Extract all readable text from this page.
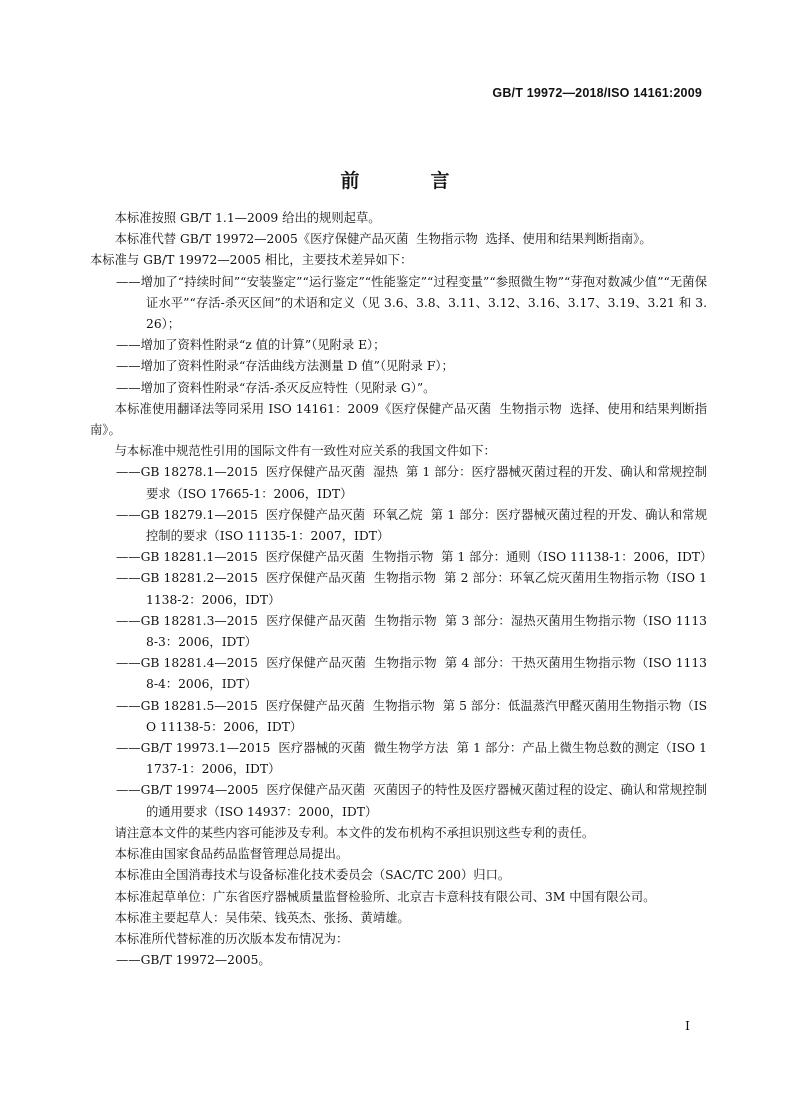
GB/T 19972—2018/ISO 14161:2009
前        言

本标准按照 GB/T 1.1—2009 给出的规则起草。

本标准代替 GB/T 19972—2005《医疗保健产品灭菌  生物指示物  选择、使用和结果判断指南》。

本标准与 GB/T 19972—2005 相比，主要技术差异如下：

——增加了“持续时间”“安装鉴定”“运行鉴定”“性能鉴定”“过程变量”“参照微生物”“芽孢对数减少值”“无菌保证水平”“存活-杀灭区间”的术语和定义（见 3.6、3.8、3.11、3.12、3.16、3.17、3.19、3.21 和 3.26）；

——增加了资料性附录“z 值的计算”（见附录 E）；

——增加了资料性附录“存活曲线方法测量 D 值”（见附录 F）；

——增加了资料性附录“存活-杀灭反应特性（见附录 G）”。

本标准使用翻译法等同采用 ISO 14161：2009《医疗保健产品灭菌  生物指示物  选择、使用和结果判断指南》。

与本标准中规范性引用的国际文件有一致性对应关系的我国文件如下：

——GB 18278.1—2015  医疗保健产品灭菌  湿热  第 1 部分：医疗器械灭菌过程的开发、确认和常规控制要求（ISO 17665-1：2006，IDT）

——GB 18279.1—2015  医疗保健产品灭菌  环氧乙烷  第 1 部分：医疗器械灭菌过程的开发、确认和常规控制的要求（ISO 11135-1：2007，IDT）

——GB 18281.1—2015  医疗保健产品灭菌  生物指示物  第 1 部分：通则（ISO 11138-1：2006，IDT）

——GB 18281.2—2015  医疗保健产品灭菌  生物指示物  第 2 部分：环氧乙烷灭菌用生物指示物（ISO 11138-2：2006，IDT）

——GB 18281.3—2015  医疗保健产品灭菌  生物指示物  第 3 部分：湿热灭菌用生物指示物（ISO 11138-3：2006，IDT）

——GB 18281.4—2015  医疗保健产品灭菌  生物指示物  第 4 部分：干热灭菌用生物指示物（ISO 11138-4：2006，IDT）

——GB 18281.5—2015  医疗保健产品灭菌  生物指示物  第 5 部分：低温蒸汽甲醛灭菌用生物指示物（ISO 11138-5：2006，IDT）

——GB/T 19973.1—2015  医疗器械的灭菌  微生物学方法  第 1 部分：产品上微生物总数的测定（ISO 11737-1：2006，IDT）

——GB/T 19974—2005  医疗保健产品灭菌  灭菌因子的特性及医疗器械灭菌过程的设定、确认和常规控制的通用要求（ISO 14937：2000，IDT）

请注意本文件的某些内容可能涉及专利。本文件的发布机构不承担识别这些专利的责任。

本标准由国家食品药品监督管理总局提出。

本标准由全国消毒技术与设备标准化技术委员会（SAC/TC 200）归口。

本标准起草单位：广东省医疗器械质量监督检验所、北京吉卡意科技有限公司、3M 中国有限公司。

本标准主要起草人：吴伟荣、钱英杰、张扬、黄靖雄。

本标准所代替标准的历次版本发布情况为：

——GB/T 19972—2005。

I
